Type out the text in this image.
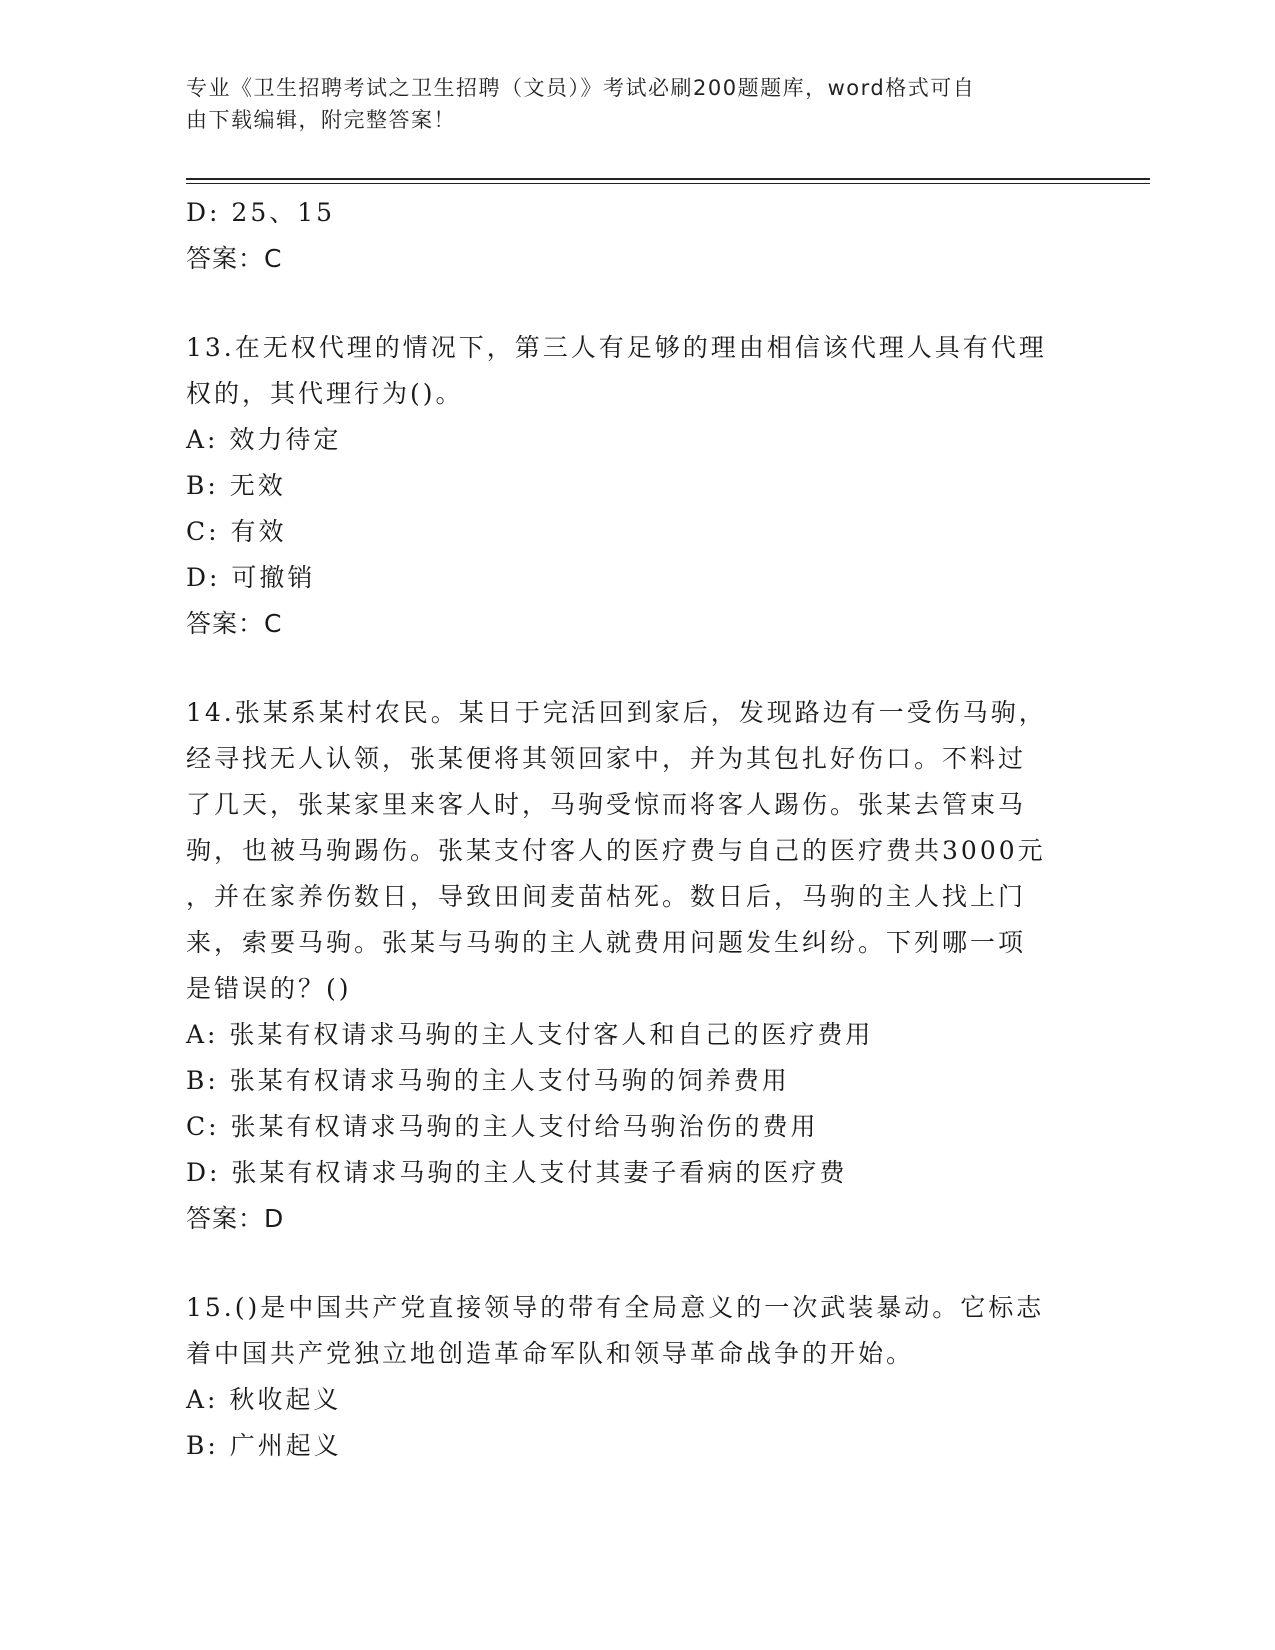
专业《卫生招聘考试之卫生招聘（文员）》考试必刷200题题库，word格式可自
由下载编辑，附完整答案！
D: 25、15
答案：C
13.在无权代理的情况下，第三人有足够的理由相信该代理人具有代理
权的，其代理行为()。
A: 效力待定
B: 无效
C: 有效
D: 可撤销
答案：C
14.张某系某村农民。某日于完活回到家后，发现路边有一受伤马驹，
经寻找无人认领，张某便将其领回家中，并为其包扎好伤口。不料过
了几天，张某家里来客人时，马驹受惊而将客人踢伤。张某去管束马
驹，也被马驹踢伤。张某支付客人的医疗费与自己的医疗费共3000元
，并在家养伤数日，导致田间麦苗枯死。数日后，马驹的主人找上门
来，索要马驹。张某与马驹的主人就费用问题发生纠纷。下列哪一项
是错误的？()
A: 张某有权请求马驹的主人支付客人和自己的医疗费用
B: 张某有权请求马驹的主人支付马驹的饲养费用
C: 张某有权请求马驹的主人支付给马驹治伤的费用
D: 张某有权请求马驹的主人支付其妻子看病的医疗费
答案：D
15.()是中国共产党直接领导的带有全局意义的一次武装暴动。它标志
着中国共产党独立地创造革命军队和领导革命战争的开始。
A: 秋收起义
B: 广州起义
